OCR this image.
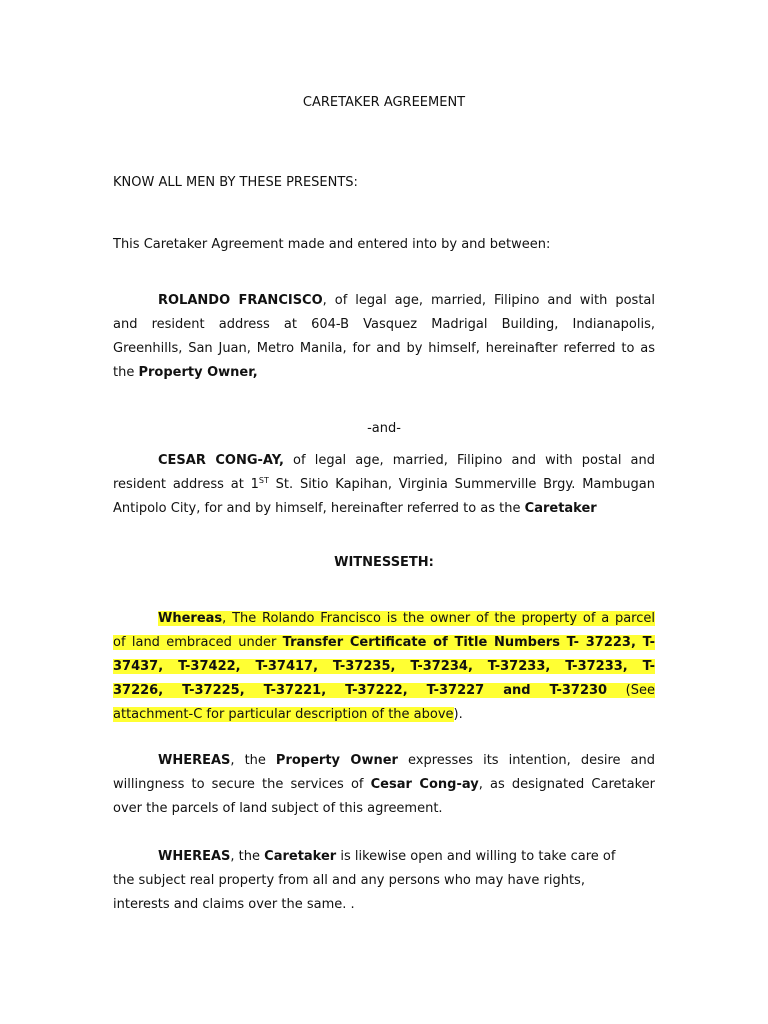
CARETAKER AGREEMENT
KNOW ALL MEN BY THESE PRESENTS:
This Caretaker Agreement made and entered into by and between:
ROLANDO FRANCISCO, of legal age, married, Filipino and with postal
and resident address at 604-B Vasquez Madrigal Building, Indianapolis,
Greenhills, San Juan, Metro Manila, for and by himself, hereinafter referred to as
the Property Owner,
-and-
CESAR CONG-AY, of legal age, married, Filipino and with postal and
resident address at 1ST St. Sitio Kapihan, Virginia Summerville Brgy. Mambugan
Antipolo City, for and by himself, hereinafter referred to as the Caretaker
WITNESSETH:
Whereas, The Rolando Francisco is the owner of the property of a parcel
of land embraced under Transfer Certificate of Title Numbers T- 37223, T-
37437, T-37422, T-37417, T-37235, T-37234, T-37233, T-37233, T-
37226, T-37225, T-37221, T-37222, T-37227 and T-37230 (See
attachment-C for particular description of the above).
WHEREAS, the Property Owner expresses its intention, desire and
willingness to secure the services of Cesar Cong-ay, as designated Caretaker
over the parcels of land subject of this agreement.
WHEREAS, the Caretaker is likewise open and willing to take care of
the subject real property from all and any persons who may have rights,
interests and claims over the same. .
